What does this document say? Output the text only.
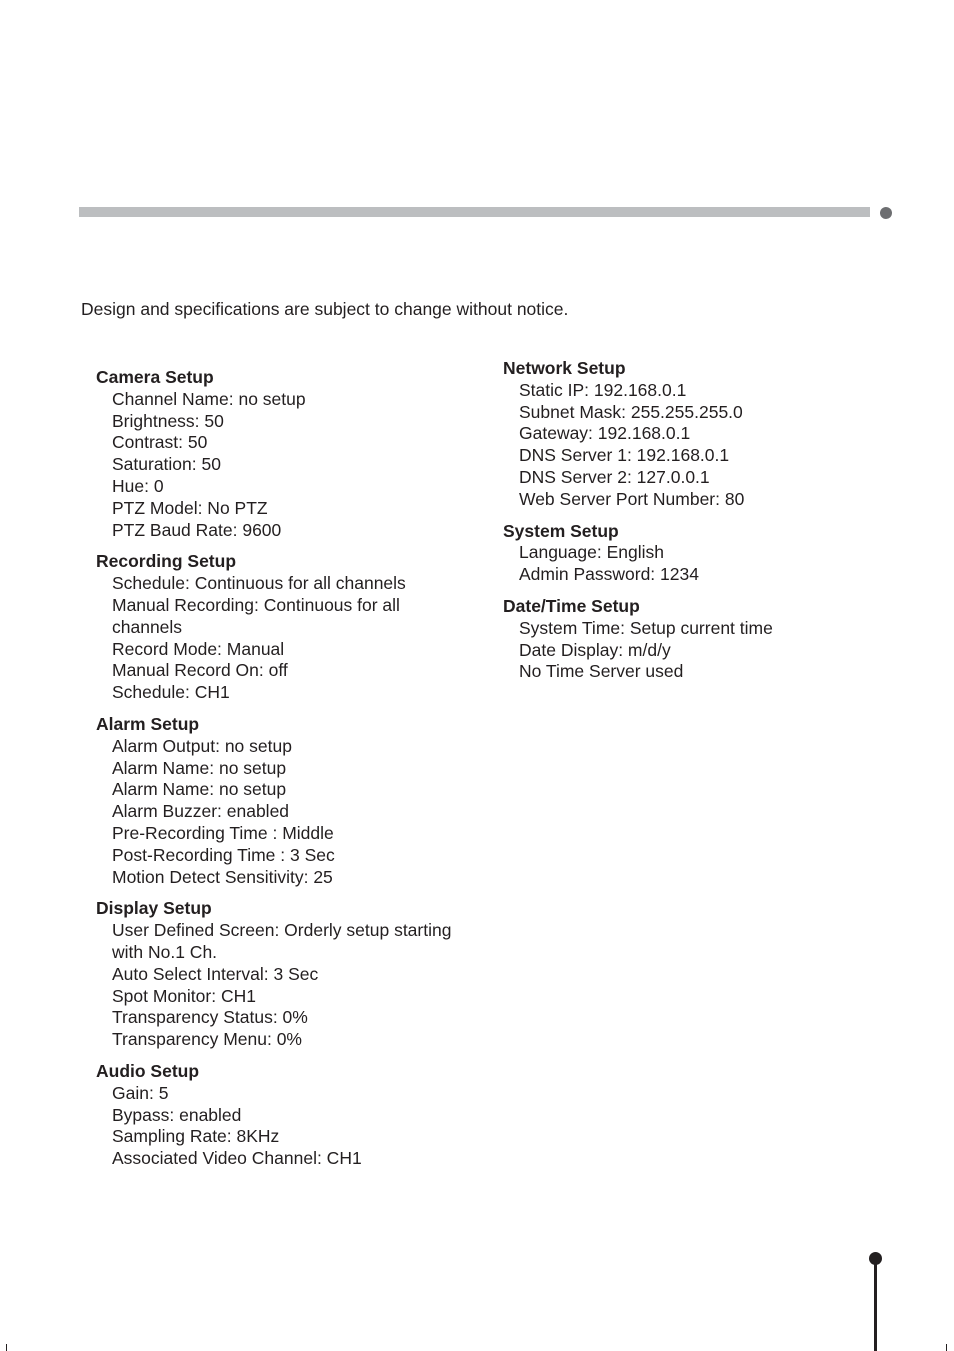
Design and specifications are subject to change without notice.
Camera Setup
Channel Name: no setup
Brightness: 50
Contrast: 50
Saturation: 50
Hue: 0
PTZ Model: No PTZ
PTZ Baud Rate: 9600
Recording Setup
Schedule: Continuous for all channels
Manual Recording: Continuous for all channels
Record Mode: Manual
Manual Record On: off
Schedule: CH1
Alarm Setup
Alarm Output: no setup
Alarm Name: no setup
Alarm Name: no setup
Alarm Buzzer: enabled
Pre-Recording Time : Middle
Post-Recording Time : 3 Sec
Motion Detect Sensitivity: 25
Display Setup
User Defined Screen: Orderly setup starting with No.1 Ch.
Auto Select Interval: 3 Sec
Spot Monitor: CH1
Transparency Status: 0%
Transparency Menu: 0%
Audio Setup
Gain: 5
Bypass: enabled
Sampling Rate: 8KHz
Associated Video Channel: CH1
Network Setup
Static IP: 192.168.0.1
Subnet Mask: 255.255.255.0
Gateway: 192.168.0.1
DNS Server 1: 192.168.0.1
DNS Server 2: 127.0.0.1
Web Server Port Number: 80
System Setup
Language: English
Admin Password: 1234
Date/Time Setup
System Time: Setup current time
Date Display: m/d/y
No Time Server used
